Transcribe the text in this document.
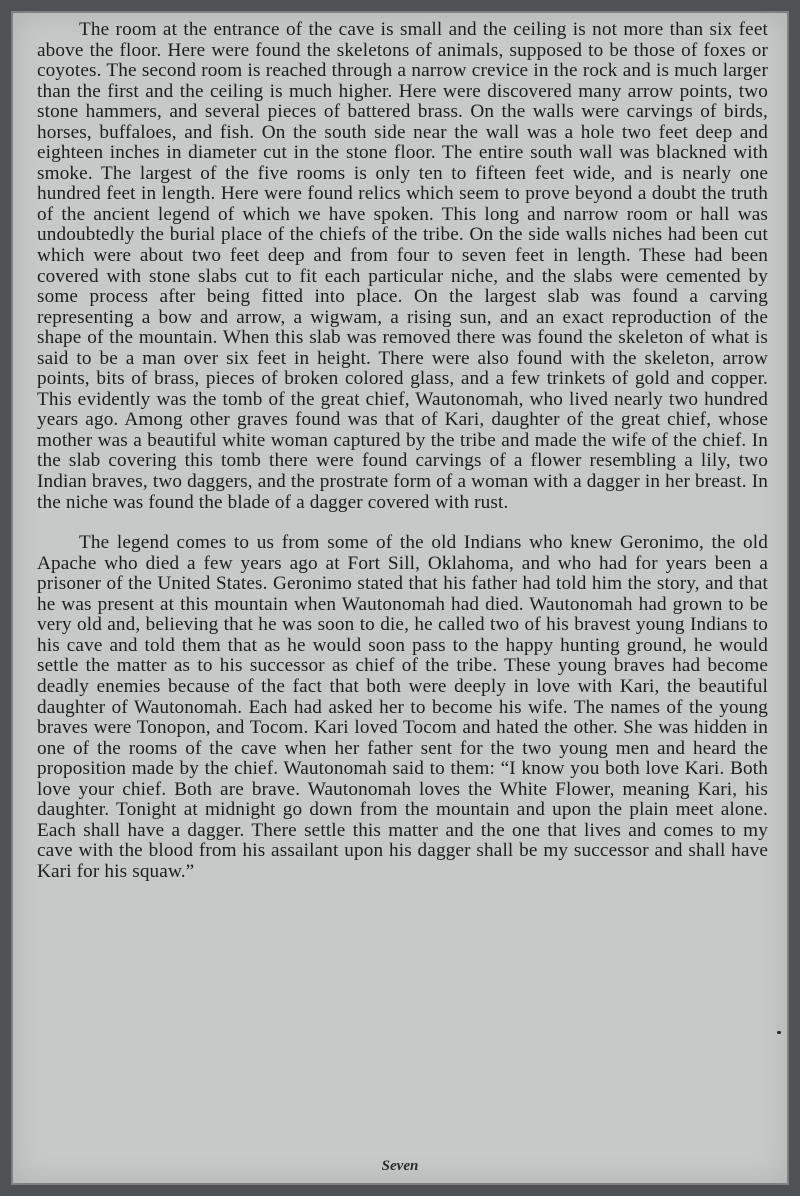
The room at the entrance of the cave is small and the ceiling is not more than six feet above the floor. Here were found the skeletons of animals, supposed to be those of foxes or coyotes. The second room is reached through a narrow crevice in the rock and is much larger than the first and the ceiling is much higher. Here were discovered many arrow points, two stone hammers, and several pieces of battered brass. On the walls were carvings of birds, horses, buffaloes, and fish. On the south side near the wall was a hole two feet deep and eighteen inches in diameter cut in the stone floor. The entire south wall was blackned with smoke. The largest of the five rooms is only ten to fifteen feet wide, and is nearly one hundred feet in length. Here were found relics which seem to prove beyond a doubt the truth of the ancient legend of which we have spoken. This long and narrow room or hall was undoubtedly the burial place of the chiefs of the tribe. On the side walls niches had been cut which were about two feet deep and from four to seven feet in length. These had been covered with stone slabs cut to fit each particular niche, and the slabs were cemented by some process after being fitted into place. On the largest slab was found a carving representing a bow and arrow, a wigwam, a rising sun, and an exact reproduction of the shape of the mountain. When this slab was removed there was found the skeleton of what is said to be a man over six feet in height. There were also found with the skeleton, arrow points, bits of brass, pieces of broken colored glass, and a few trinkets of gold and copper. This evidently was the tomb of the great chief, Wautonomah, who lived nearly two hundred years ago. Among other graves found was that of Kari, daughter of the great chief, whose mother was a beautiful white woman captured by the tribe and made the wife of the chief. In the slab covering this tomb there were found carvings of a flower resembling a lily, two Indian braves, two daggers, and the prostrate form of a woman with a dagger in her breast. In the niche was found the blade of a dagger covered with rust.

The legend comes to us from some of the old Indians who knew Geronimo, the old Apache who died a few years ago at Fort Sill, Oklahoma, and who had for years been a prisoner of the United States. Geronimo stated that his father had told him the story, and that he was present at this mountain when Wautonomah had died. Wautonomah had grown to be very old and, believing that he was soon to die, he called two of his bravest young Indians to his cave and told them that as he would soon pass to the happy hunting ground, he would settle the matter as to his successor as chief of the tribe. These young braves had become deadly enemies because of the fact that both were deeply in love with Kari, the beautiful daughter of Wautonomah. Each had asked her to become his wife. The names of the young braves were Tonopon, and Tocom. Kari loved Tocom and hated the other. She was hidden in one of the rooms of the cave when her father sent for the two young men and heard the proposition made by the chief. Wautonomah said to them: “I know you both love Kari. Both love your chief. Both are brave. Wautonomah loves the White Flower, meaning Kari, his daughter. Tonight at midnight go down from the mountain and upon the plain meet alone. Each shall have a dagger. There settle this matter and the one that lives and comes to my cave with the blood from his assailant upon his dagger shall be my successor and shall have Kari for his squaw.”

Seven
